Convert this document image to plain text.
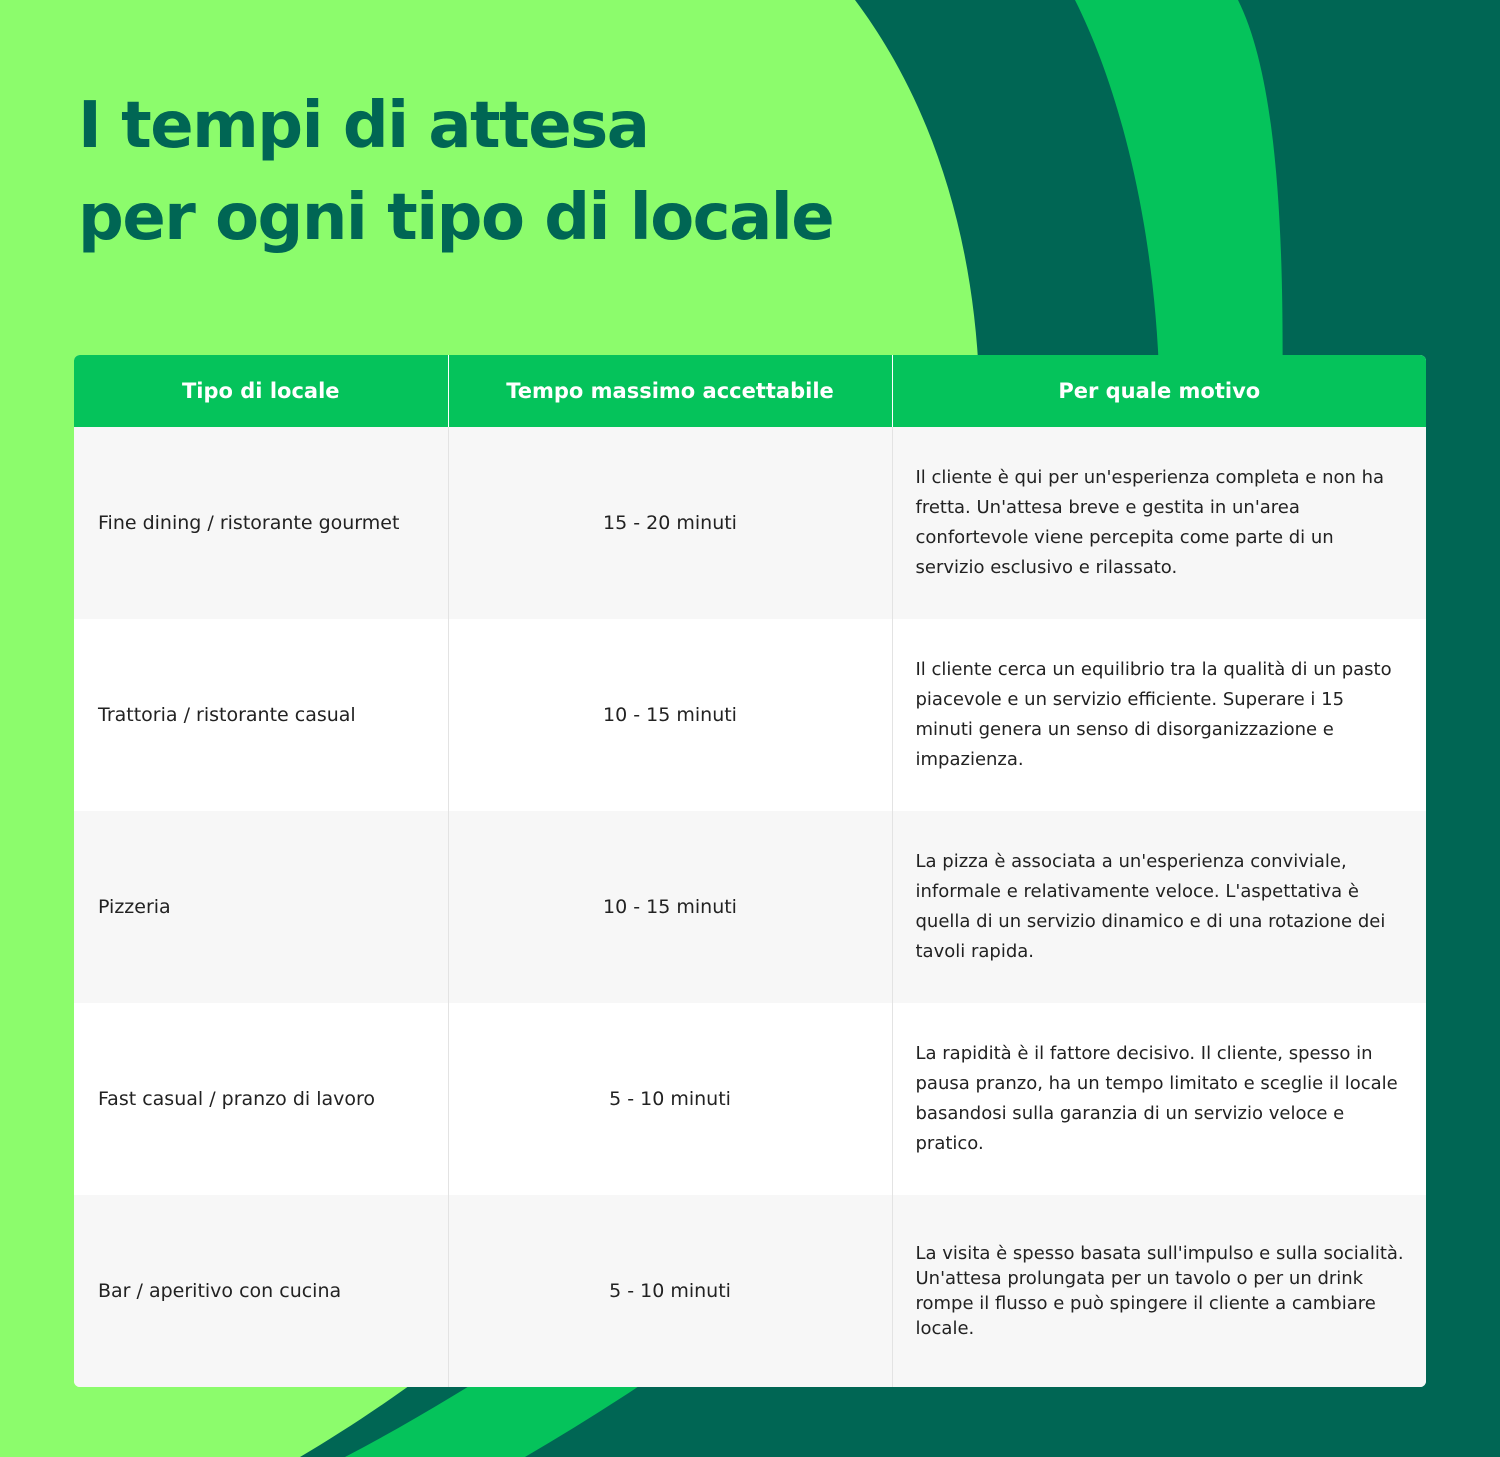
I tempi di attesa
per ogni tipo di locale
Tipo di locale	Tempo massimo accettabile	Per quale motivo
Fine dining / ristorante gourmet	15 - 20 minuti	Il cliente è qui per un'esperienza completa e non ha fretta. Un'attesa breve e gestita in un'area confortevole viene percepita come parte di un servizio esclusivo e rilassato.
Trattoria / ristorante casual	10 - 15 minuti	Il cliente cerca un equilibrio tra la qualità di un pasto piacevole e un servizio efficiente. Superare i 15 minuti genera un senso di disorganizzazione e impazienza.
Pizzeria	10 - 15 minuti	La pizza è associata a un'esperienza conviviale, informale e relativamente veloce. L'aspettativa è quella di un servizio dinamico e di una rotazione dei tavoli rapida.
Fast casual / pranzo di lavoro	5 - 10 minuti	La rapidità è il fattore decisivo. Il cliente, spesso in pausa pranzo, ha un tempo limitato e sceglie il locale basandosi sulla garanzia di un servizio veloce e pratico.
Bar / aperitivo con cucina	5 - 10 minuti	La visita è spesso basata sull'impulso e sulla socialità. Un'attesa prolungata per un tavolo o per un drink rompe il flusso e può spingere il cliente a cambiare locale.
